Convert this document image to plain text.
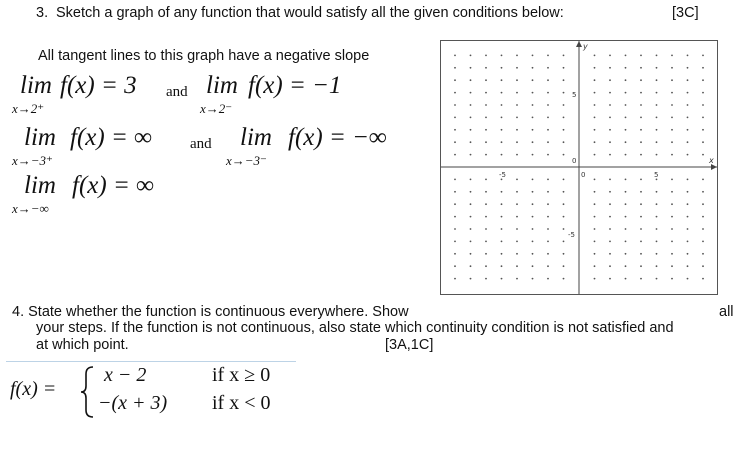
3. Sketch a graph of any function that would satisfy all the given conditions below:	[3C]
All tangent lines to this graph have a negative slope
lim
x→2⁺
f(x) = 3 and lim
x→2⁻
f(x) = −1
lim
x→−3⁺
f(x) = ∞	and lim
x→−3⁻
f(x) = −∞
lim
x→−∞
f(x) = ∞
x
y
0
0
-5	5
5
-5
4. State whether the function is continuous everywhere. Show	all
your steps. If the function is not continuous, also state which continuity condition is not satisfied and
at which point.	[3A,1C]
f(x) =
x − 2	if x ≥ 0
−(x + 3) if x < 0
